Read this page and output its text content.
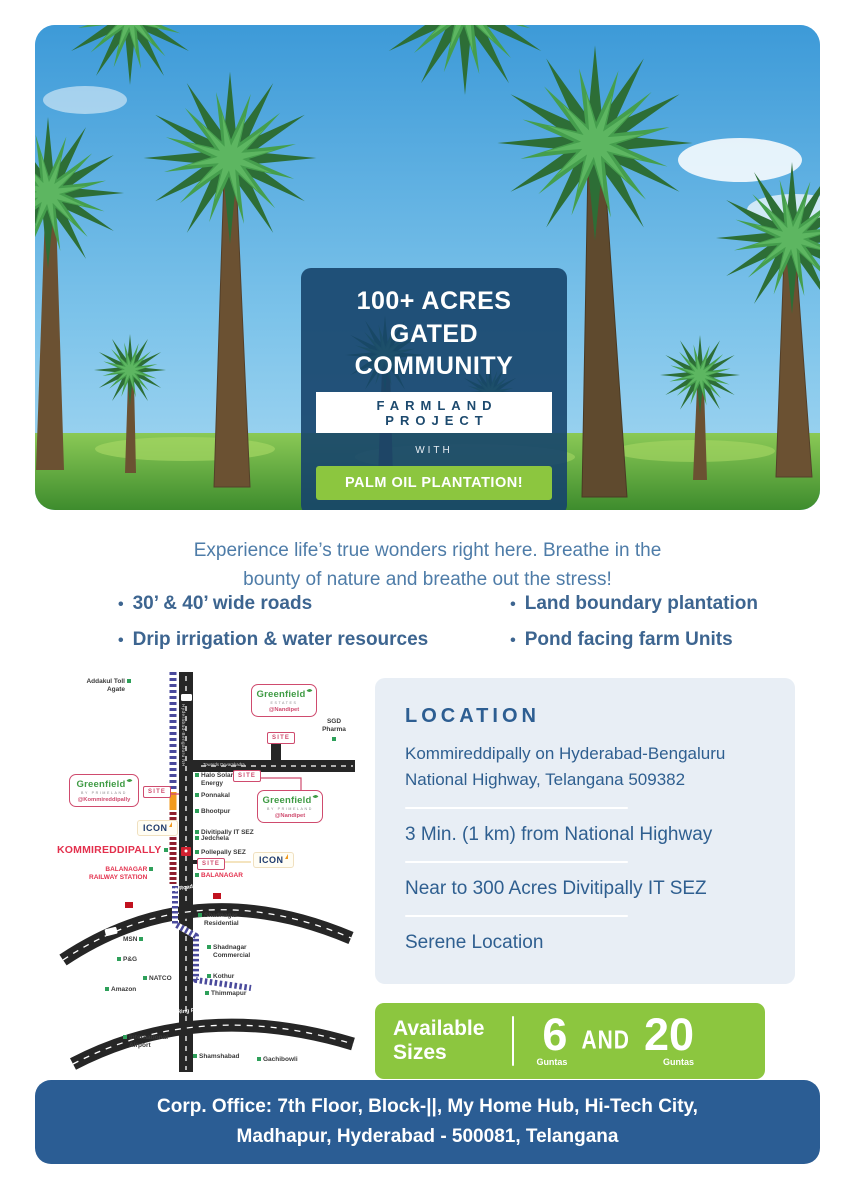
100+ ACRES
GATED COMMUNITY
FARMLAND PROJECT
WITH
PALM OIL PLANTATION!
Experience life’s true wonders right here. Breathe in the
bounty of nature and breathe out the stress!
• 30’ & 40’ wide roads
• Drip irrigation & water resources
• Land boundary plantation
• Pond facing farm Units
Towards Devarakadra
Hyderabad-Bengaluru NH
Regional Ring Road
Outer Ring Road
Addakul Toll Agate	Greenfield
ESTATES
@Nandipet
SITE
SGD Pharma
Halo Solar Energy
SITE
Ponnakal
Bhootpur
Divitipally IT SEZ
Jedchela
Pollepally SEZ
SITE
BALANAGAR
Greenfield
BY PRIMELAND
@Nandipet
ICON
Greenfield
BY PRIMELAND
@Kommireddipally
SITE
ICON
KOMMIREDDIPALLY
BALANAGAR
RAILWAY STATION
Shadnagar Residential
MSN
P&G
Shadnagar Commercial
NATCO	Kothur
Amazon
Thimmapur
International Airport
Shamshabad	Gachibowli
LOCATION
Kommireddipally on Hyderabad-Bengaluru
National Highway, Telangana 509382
3 Min. (1 km) from National Highway
Near to 300 Acres Divitipally IT SEZ
Serene Location
Available
Sizes	6
Guntas
AND 20
Guntas
Corp. Office: 7th Floor, Block-||, My Home Hub, Hi-Tech City,
Madhapur, Hyderabad - 500081, Telangana
